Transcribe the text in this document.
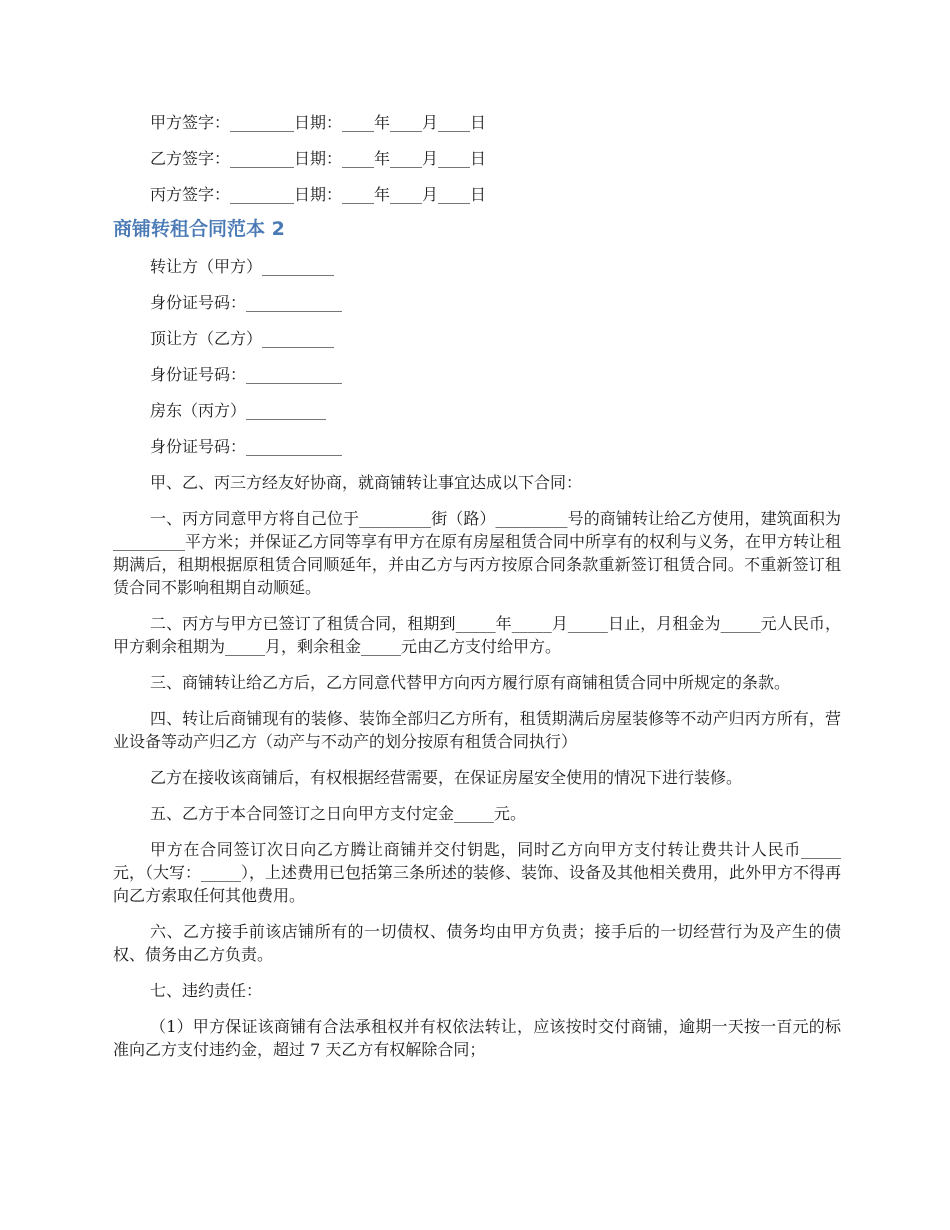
甲方签字：________日期：____年____月____日

乙方签字：________日期：____年____月____日

丙方签字：________日期：____年____月____日

商铺转租合同范本 2

转让方（甲方）_________

身份证号码：____________

顶让方（乙方）_________

身份证号码：____________

房东（丙方）__________

身份证号码：____________

甲、乙、丙三方经友好协商，就商铺转让事宜达成以下合同：

一、丙方同意甲方将自己位于_________街（路）_________号的商铺转让给乙方使用，建筑面积为_________平方米；并保证乙方同等享有甲方在原有房屋租赁合同中所享有的权利与义务，在甲方转让租期满后，租期根据原租赁合同顺延年，并由乙方与丙方按原合同条款重新签订租赁合同。不重新签订租赁合同不影响租期自动顺延。

二、丙方与甲方已签订了租赁合同，租期到_____年_____月_____日止，月租金为_____元人民币，甲方剩余租期为_____月，剩余租金_____元由乙方支付给甲方。

三、商铺转让给乙方后，乙方同意代替甲方向丙方履行原有商铺租赁合同中所规定的条款。

四、转让后商铺现有的装修、装饰全部归乙方所有，租赁期满后房屋装修等不动产归丙方所有，营业设备等动产归乙方（动产与不动产的划分按原有租赁合同执行）

乙方在接收该商铺后，有权根据经营需要，在保证房屋安全使用的情况下进行装修。

五、乙方于本合同签订之日向甲方支付定金_____元。

甲方在合同签订次日向乙方腾让商铺并交付钥匙，同时乙方向甲方支付转让费共计人民币_____元，（大写：_____），上述费用已包括第三条所述的装修、装饰、设备及其他相关费用，此外甲方不得再向乙方索取任何其他费用。

六、乙方接手前该店铺所有的一切债权、债务均由甲方负责；接手后的一切经营行为及产生的债权、债务由乙方负责。

七、违约责任：

（1）甲方保证该商铺有合法承租权并有权依法转让，应该按时交付商铺，逾期一天按一百元的标准向乙方支付违约金，超过 7 天乙方有权解除合同；
